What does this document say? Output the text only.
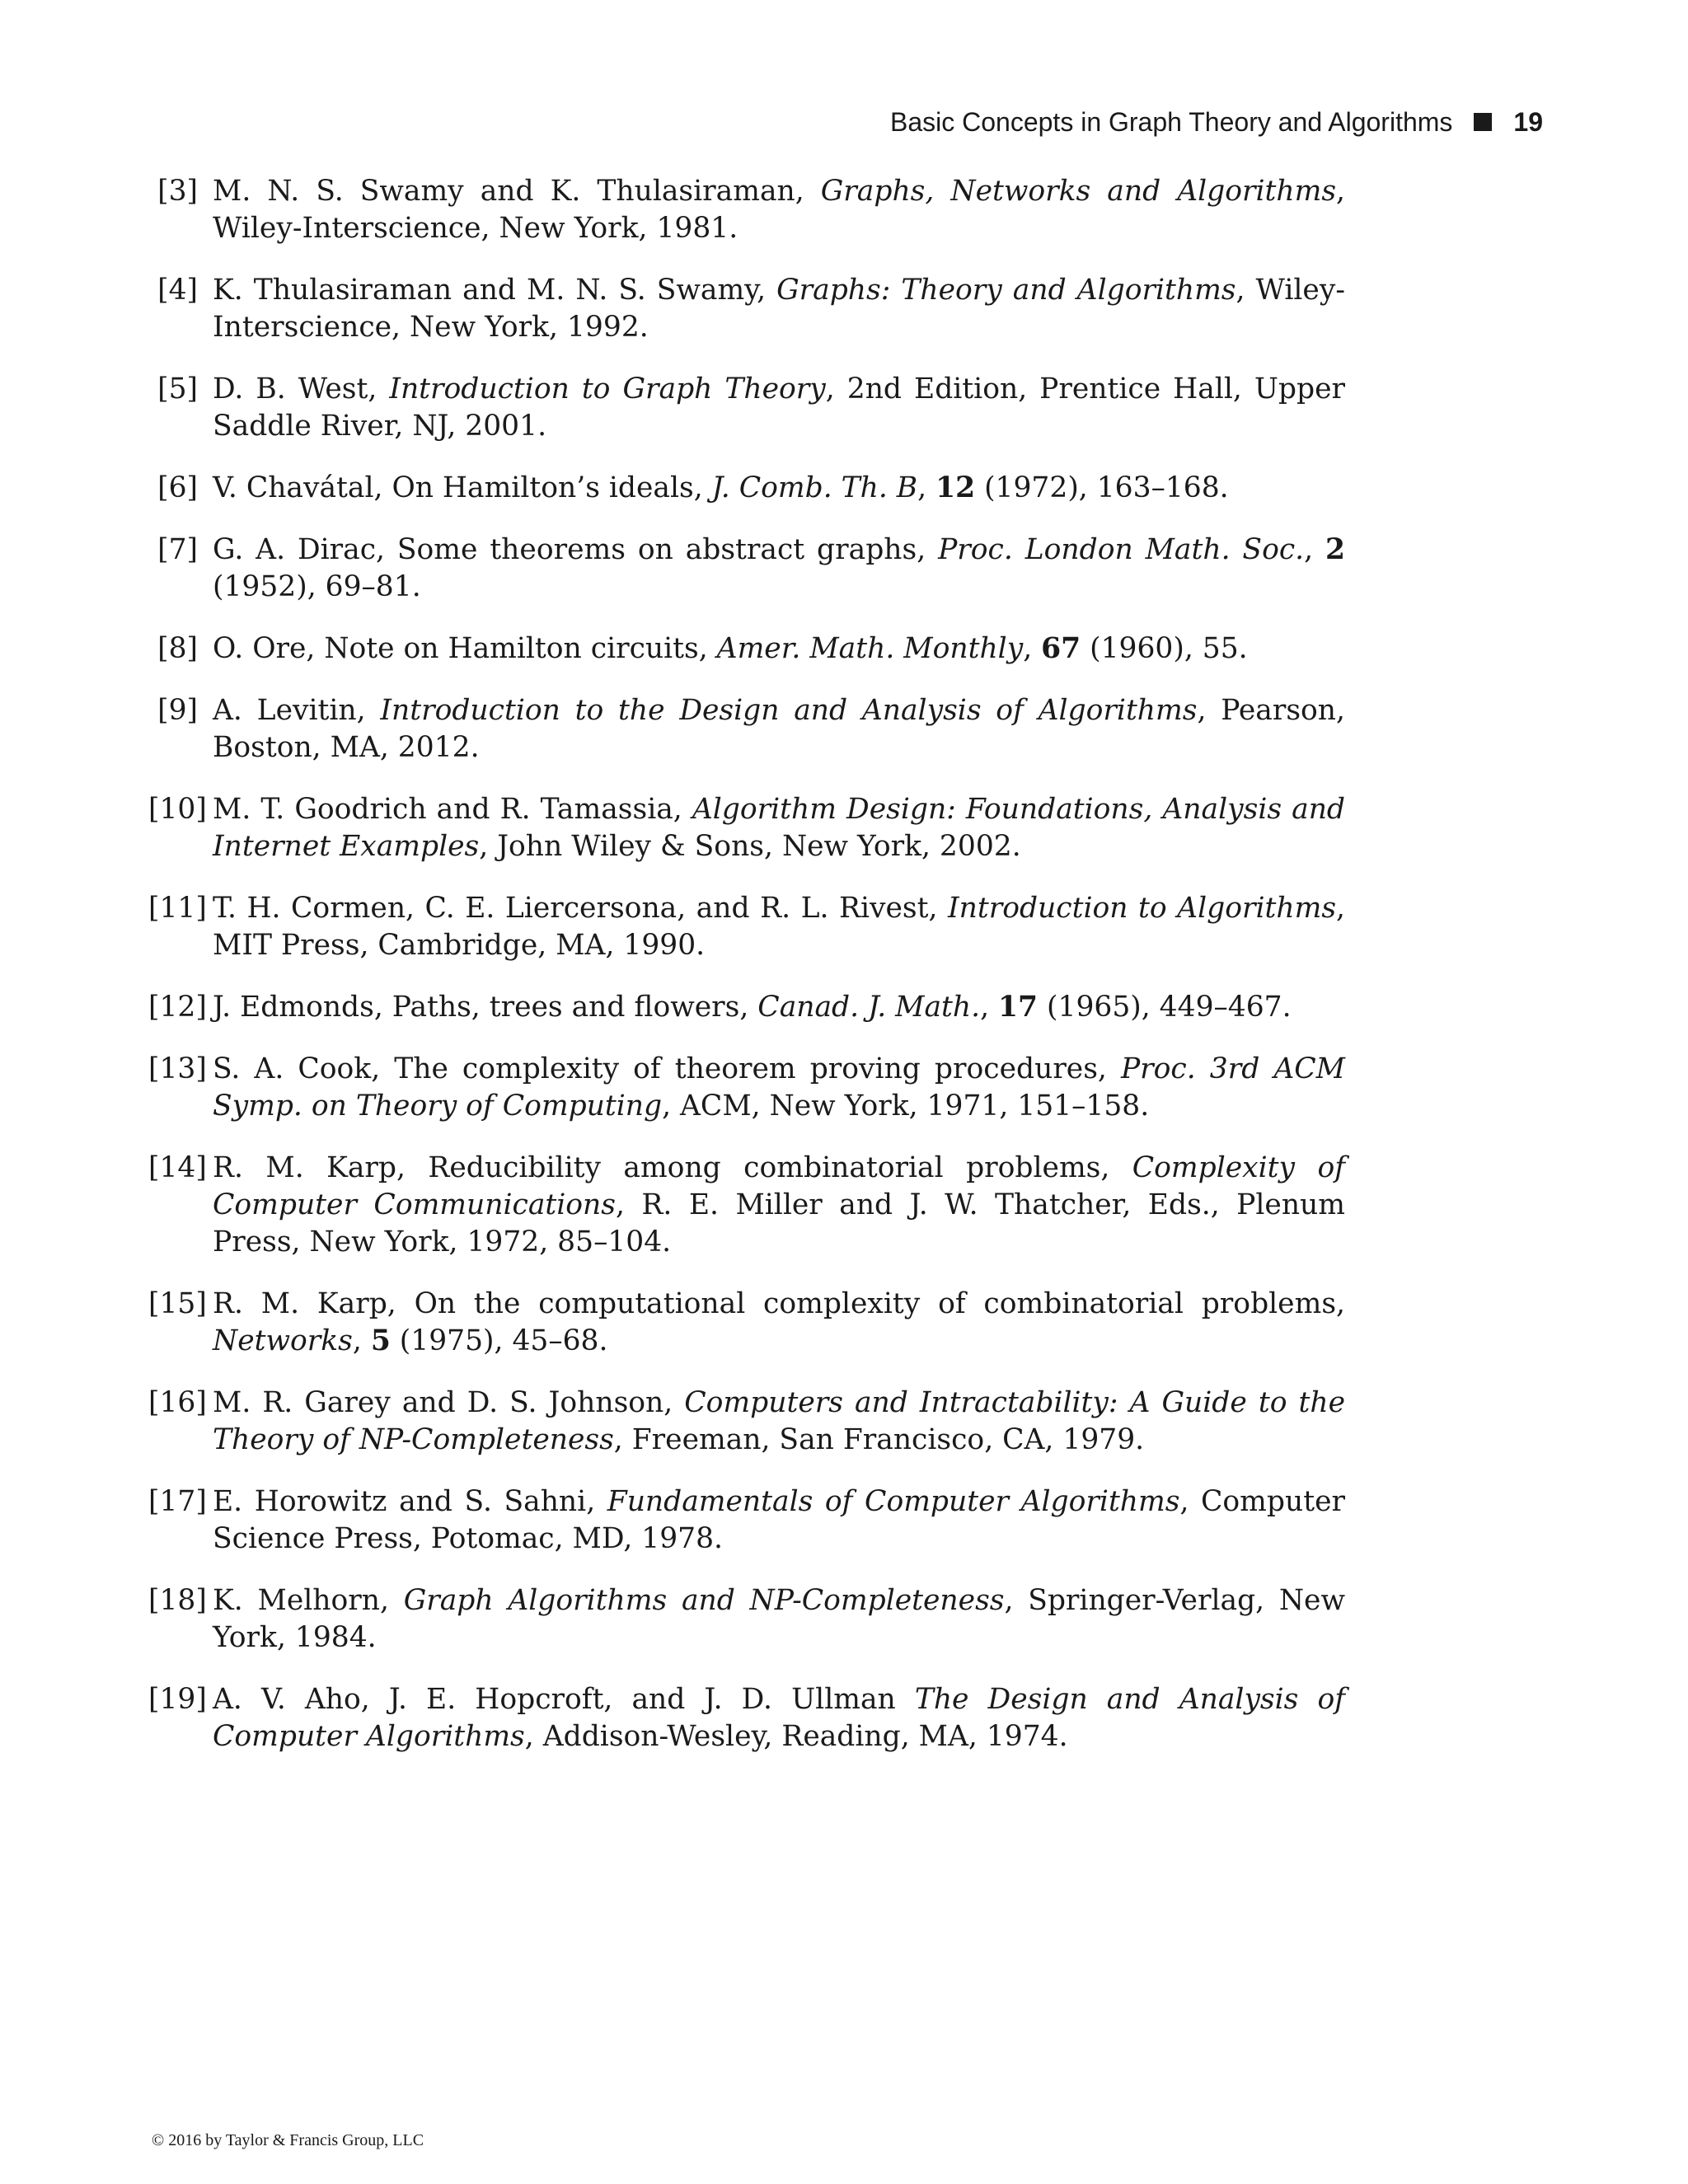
Basic Concepts in Graph Theory and Algorithms 19
[3] M. N. S. Swamy and K. Thulasiraman, Graphs, Networks and Algorithms, Wiley-Interscience, New York, 1981.
[4] K. Thulasiraman and M. N. S. Swamy, Graphs: Theory and Algorithms, Wiley-Interscience, New York, 1992.
[5] D. B. West, Introduction to Graph Theory, 2nd Edition, Prentice Hall, Upper Saddle River, NJ, 2001.
[6] V. Chavátal, On Hamilton’s ideals, J. Comb. Th. B, 12 (1972), 163–168.
[7] G. A. Dirac, Some theorems on abstract graphs, Proc. London Math. Soc., 2 (1952), 69–81.
[8] O. Ore, Note on Hamilton circuits, Amer. Math. Monthly, 67 (1960), 55.
[9] A. Levitin, Introduction to the Design and Analysis of Algorithms, Pearson, Boston, MA, 2012.
[10] M. T. Goodrich and R. Tamassia, Algorithm Design: Foundations, Analysis and Internet Examples, John Wiley & Sons, New York, 2002.
[11] T. H. Cormen, C. E. Liercersona, and R. L. Rivest, Introduction to Algorithms, MIT Press, Cambridge, MA, 1990.
[12] J. Edmonds, Paths, trees and flowers, Canad. J. Math., 17 (1965), 449–467.
[13] S. A. Cook, The complexity of theorem proving procedures, Proc. 3rd ACM Symp. on Theory of Computing, ACM, New York, 1971, 151–158.
[14] R. M. Karp, Reducibility among combinatorial problems, Complexity of Computer Communications, R. E. Miller and J. W. Thatcher, Eds., Plenum Press, New York, 1972, 85–104.
[15] R. M. Karp, On the computational complexity of combinatorial problems, Networks, 5 (1975), 45–68.
[16] M. R. Garey and D. S. Johnson, Computers and Intractability: A Guide to the Theory of NP-Completeness, Freeman, San Francisco, CA, 1979.
[17] E. Horowitz and S. Sahni, Fundamentals of Computer Algorithms, Computer Science Press, Potomac, MD, 1978.
[18] K. Melhorn, Graph Algorithms and NP-Completeness, Springer-Verlag, New York, 1984.
[19] A. V. Aho, J. E. Hopcroft, and J. D. Ullman The Design and Analysis of Computer Algorithms, Addison-Wesley, Reading, MA, 1974.
© 2016 by Taylor & Francis Group, LLC
